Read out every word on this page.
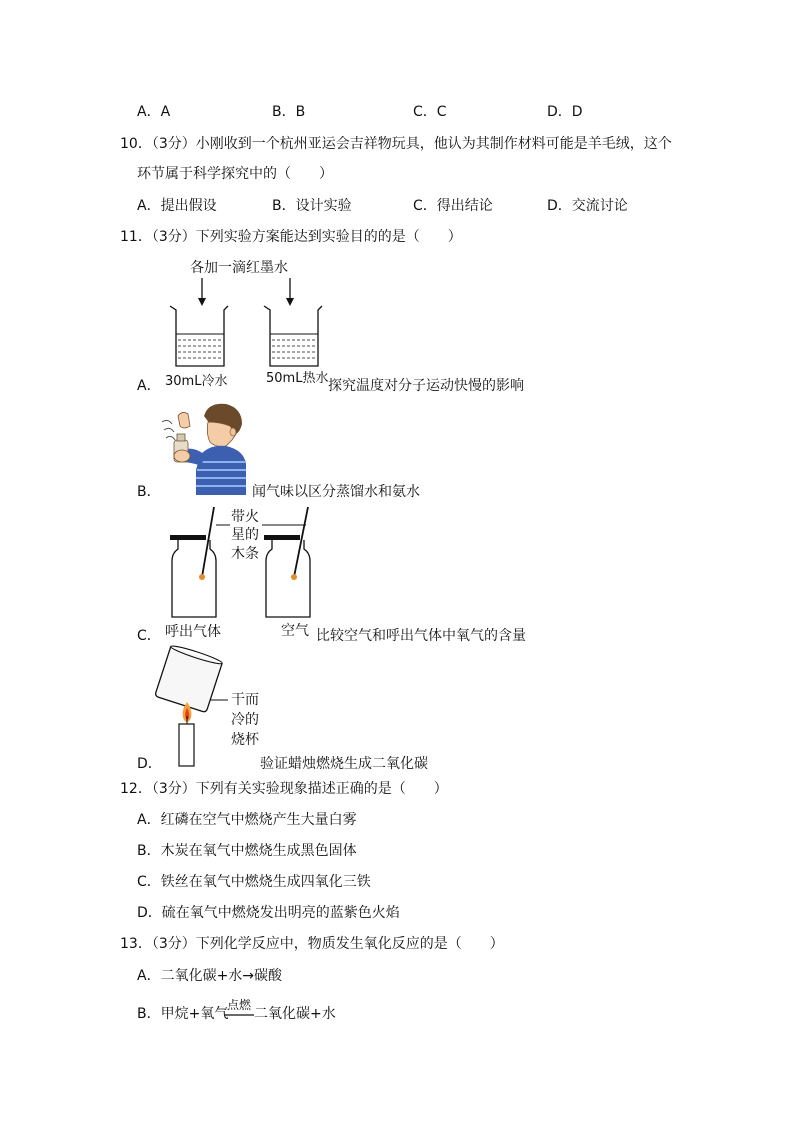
A．A	B．B	C．C	D．D
10．（3分）小刚收到一个杭州亚运会吉祥物玩具，他认为其制作材料可能是羊毛绒，这个
环节属于科学探究中的（　　）
A．提出假设	B．设计实验	C．得出结论	D．交流讨论
11．（3分）下列实验方案能达到实验目的的是（　　）
各加一滴红墨水
A． 30mL冷水	50mL热水 探究温度对分子运动快慢的影响
B．	闻气味以区分蒸馏水和氨水
带火
星的
木条
C． 呼出气体	空气 比较空气和呼出气体中氧气的含量
干而
冷的
烧杯
D．	验证蜡烛燃烧生成二氧化碳
12．（3分）下列有关实验现象描述正确的是（　　）
A．红磷在空气中燃烧产生大量白雾
B．木炭在氧气中燃烧生成黑色固体
C．铁丝在氧气中燃烧生成四氧化三铁
D．硫在氧气中燃烧发出明亮的蓝紫色火焰
13．（3分）下列化学反应中，物质发生氧化反应的是（　　）
A．二氧化碳+水→碳酸
B．甲烷+氧气
点燃
二氧化碳+水
